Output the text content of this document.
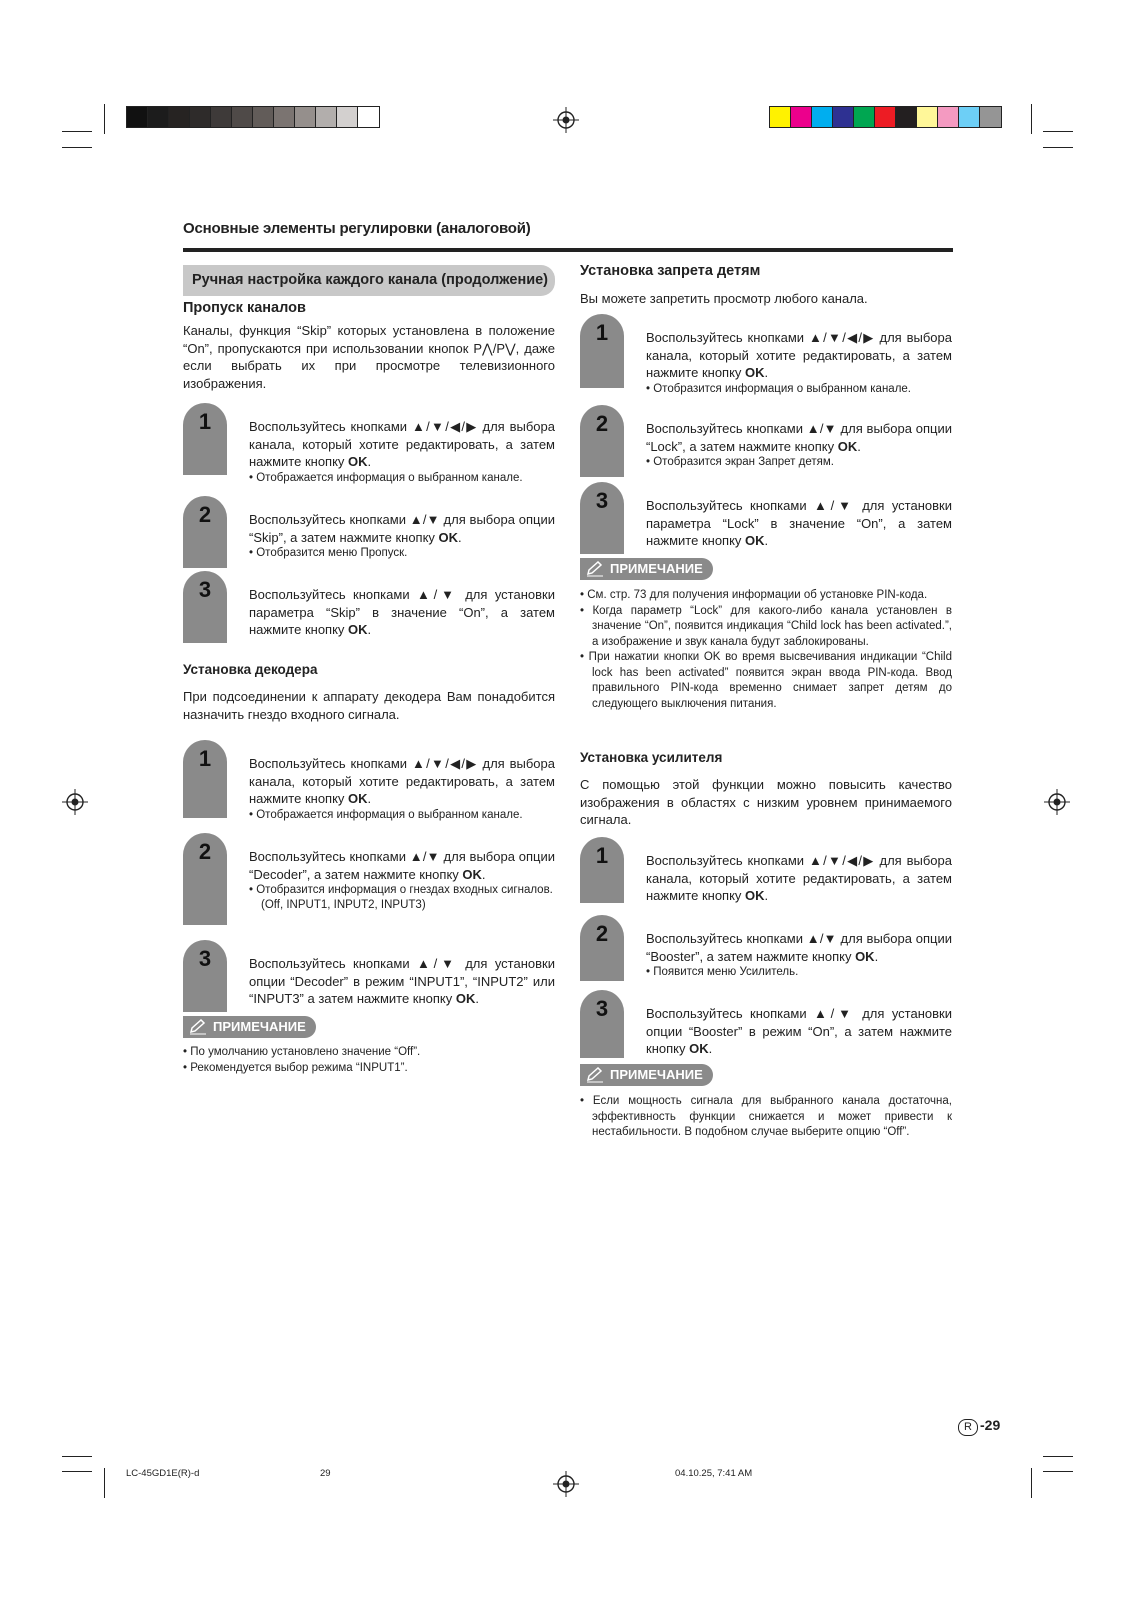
Основные элементы регулировки (аналоговой)
Ручная настройка каждого канала (продолжение)
Пропуск каналов
Каналы, функция “Skip” которых установлена в положение “On”, пропускаются при использовании кнопок P⋀/P⋁, даже если выбрать их при просмотре телевизионного изображения.
1	Воспользуйтесь кнопками ▲/▼/◀/▶ для выбора канала, который хотите редактировать, а затем нажмите кнопку OK.
• Отображается информация о выбранном канале.
2	Воспользуйтесь кнопками ▲/▼ для выбора опции “Skip”, а затем нажмите кнопку OK.
• Отобразится меню Пропуск.
3	Воспользуйтесь кнопками ▲/▼ для установки параметра “Skip” в значение “On”, а затем нажмите кнопку OK.
Установка декодера
При подсоединении к аппарату декодера Вам понадобится назначить гнездо входного сигнала.
1	Воспользуйтесь кнопками ▲/▼/◀/▶ для выбора канала, который хотите редактировать, а затем нажмите кнопку OK.
• Отображается информация о выбранном канале.
2	Воспользуйтесь кнопками ▲/▼ для выбора опции “Decoder”, а затем нажмите кнопку OK.
• Отобразится информация о гнездах входных сигналов.
(Off, INPUT1, INPUT2, INPUT3)
3	Воспользуйтесь кнопками ▲/▼ для установки опции “Decoder” в режим “INPUT1”, “INPUT2” или “INPUT3” а затем нажмите кнопку OK.
ПРИМЕЧАНИЕ
• По умолчанию установлено значение “Off”.
• Рекомендуется выбор режима “INPUT1”.
Установка запрета детям
Вы можете запретить просмотр любого канала.
1	Воспользуйтесь кнопками ▲/▼/◀/▶ для выбора канала, который хотите редактировать, а затем нажмите кнопку OK.
• Отобразится информация о выбранном канале.
2	Воспользуйтесь кнопками ▲/▼ для выбора опции “Lock”, а затем нажмите кнопку OK.
• Отобразится экран Запрет детям.
3	Воспользуйтесь кнопками ▲/▼ для установки параметра “Lock” в значение “On”, а затем нажмите кнопку OK.
ПРИМЕЧАНИЕ
• См. стр. 73 для получения информации об установке PIN-кода.
• Когда параметр “Lock” для какого-либо канала установлен в значение “On”, появится индикация “Child lock has been activated.”, а изображение и звук канала будут заблокированы.
• При нажатии кнопки OK во время высвечивания индикации “Child lock has been activated” появится экран ввода PIN-кода. Ввод правильного PIN-кода временно снимает запрет детям до следующего выключения питания.
Установка усилителя
С помощью этой функции можно повысить качество изображения в областях с низким уровнем принимаемого сигнала.
1	Воспользуйтесь кнопками ▲/▼/◀/▶ для выбора канала, который хотите редактировать, а затем нажмите кнопку OK.
2	Воспользуйтесь кнопками ▲/▼ для выбора опции “Booster”, а затем нажмите кнопку OK.
• Появится меню Усилитель.
3	Воспользуйтесь кнопками ▲/▼ для установки опции “Booster” в режим “On”, а затем нажмите кнопку OK.
ПРИМЕЧАНИЕ
• Если мощность сигнала для выбранного канала достаточна, эффективность функции снижается и может привести к нестабильности. В подобном случае выберите опцию “Off”.
R -29
LC-45GD1E(R)-d	29	04.10.25, 7:41 AM
